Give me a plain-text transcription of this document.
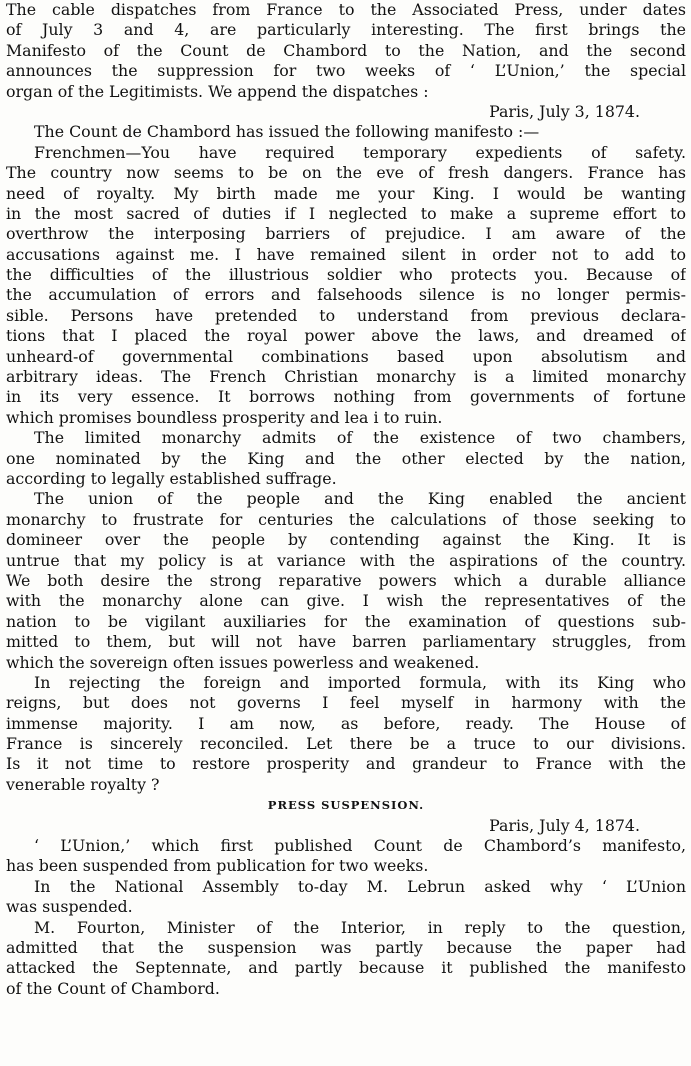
The cable dispatches from France to the Associated Press, under dates
of July 3 and 4, are particularly interesting. The first brings the
Manifesto of the Count de Chambord to the Nation, and the second
announces the suppression for two weeks of ‘ L’Union,’ the special
organ of the Legitimists. We append the dispatches :
Paris, July 3, 1874.
The Count de Chambord has issued the following manifesto :—
Frenchmen—You have required temporary expedients of safety.
The country now seems to be on the eve of fresh dangers. France has
need of royalty. My birth made me your King. I would be wanting
in the most sacred of duties if I neglected to make a supreme effort to
overthrow the interposing barriers of prejudice. I am aware of the
accusations against me. I have remained silent in order not to add to
the difficulties of the illustrious soldier who protects you. Because of
the accumulation of errors and falsehoods silence is no longer permis-
sible. Persons have pretended to understand from previous declara-
tions that I placed the royal power above the laws, and dreamed of
unheard-of governmental combinations based upon absolutism and
arbitrary ideas. The French Christian monarchy is a limited monarchy
in its very essence. It borrows nothing from governments of fortune
which promises boundless prosperity and lea i to ruin.
The limited monarchy admits of the existence of two chambers,
one nominated by the King and the other elected by the nation,
according to legally established suffrage.
The union of the people and the King enabled the ancient
monarchy to frustrate for centuries the calculations of those seeking to
domineer over the people by contending against the King. It is
untrue that my policy is at variance with the aspirations of the country.
We both desire the strong reparative powers which a durable alliance
with the monarchy alone can give. I wish the representatives of the
nation to be vigilant auxiliaries for the examination of questions sub-
mitted to them, but will not have barren parliamentary struggles, from
which the sovereign often issues powerless and weakened.
In rejecting the foreign and imported formula, with its King who
reigns, but does not governs I feel myself in harmony with the
immense majority. I am now, as before, ready. The House of
France is sincerely reconciled. Let there be a truce to our divisions.
Is it not time to restore prosperity and grandeur to France with the
venerable royalty ?
PRESS SUSPENSION.
Paris, July 4, 1874.
‘ L’Union,’ which first published Count de Chambord’s manifesto,
has been suspended from publication for two weeks.
In the National Assembly to-day M. Lebrun asked why ‘ L’Union
was suspended.
M. Fourton, Minister of the Interior, in reply to the question,
admitted that the suspension was partly because the paper had
attacked the Septennate, and partly because it published the manifesto
of the Count of Chambord.
